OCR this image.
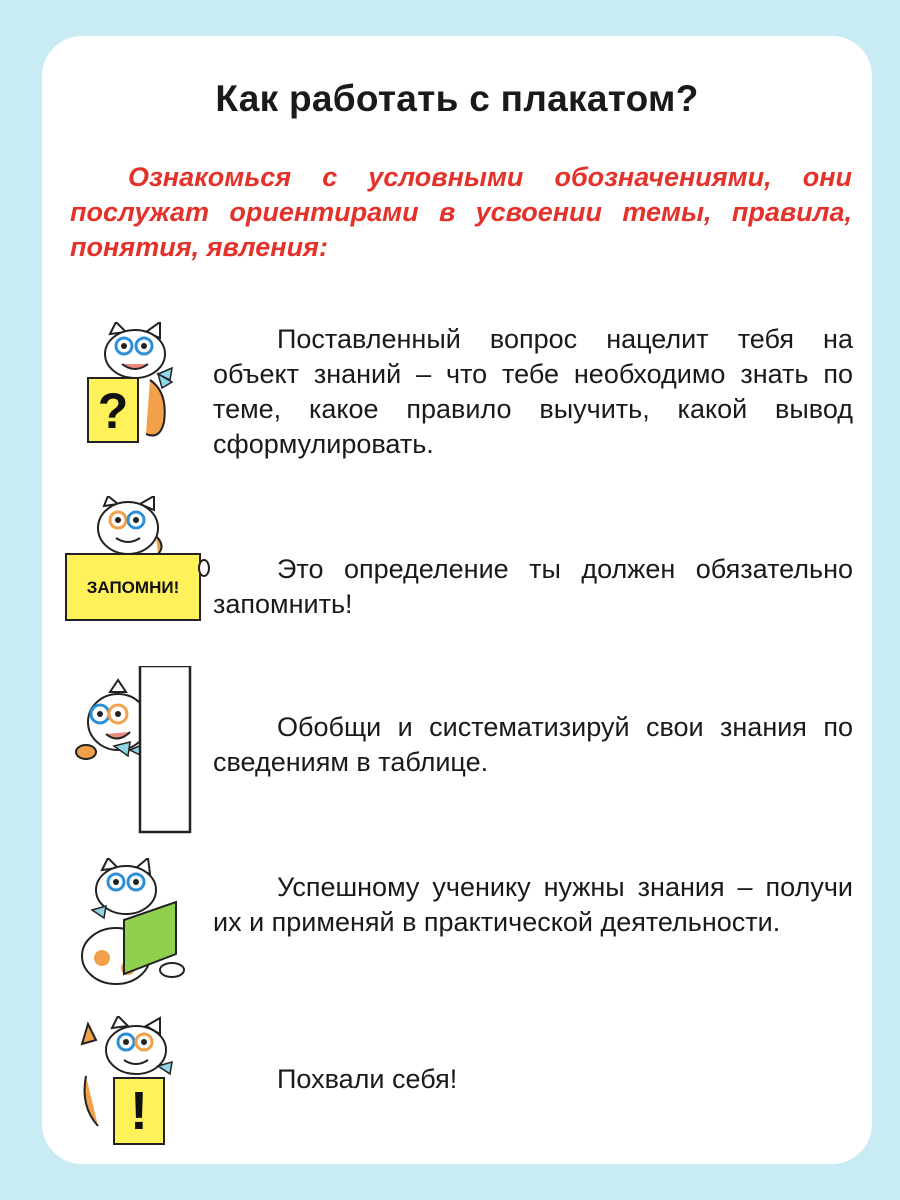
Как работать с плакатом?

Ознакомься с условными обозначениями, они послужат ориентирами в усвоении темы, правила, понятия, явления:

?

Поставленный вопрос нацелит тебя на объект знаний – что тебе необходимо знать по теме, какое правило выучить, какой вывод сформулировать.

ЗАПОМНИ!

Это определение ты должен обязательно запомнить!

Обобщи и систематизируй свои знания по сведениям в таблице.

Успешному ученику нужны знания – получи их и применяй в практической деятельности.

!

Похвали себя!
